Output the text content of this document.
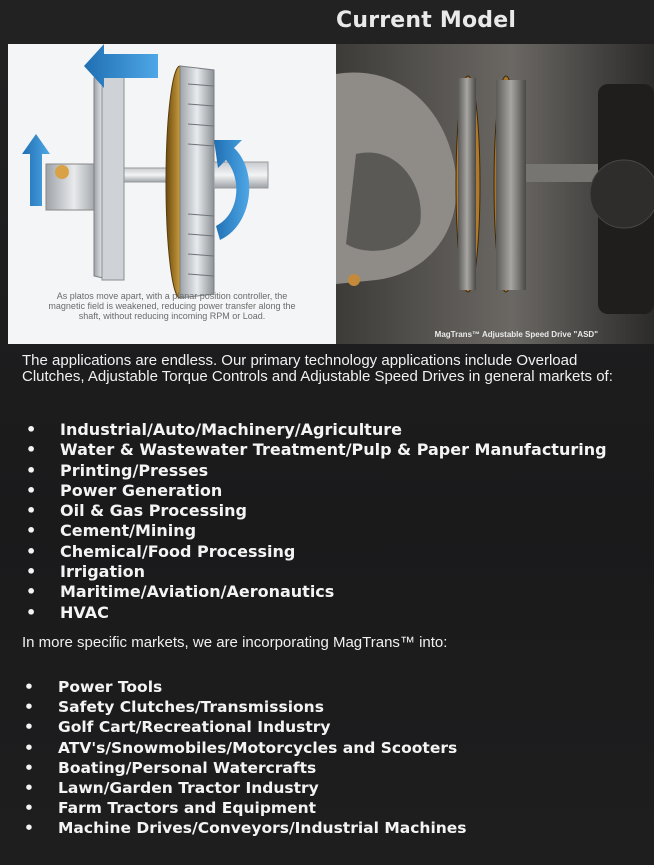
Current Model
As platos move apart, with a planar position controller, the magnetic field is weakened, reducing power transfer along the shaft, without reducing incoming RPM or Load.
MagTrans™ Adjustable Speed Drive "ASD"
The applications are endless. Our primary technology applications include Overload Clutches, Adjustable Torque Controls and Adjustable Speed Drives in general markets of:
• Industrial/Auto/Machinery/Agriculture
• Water & Wastewater Treatment/Pulp & Paper Manufacturing
• Printing/Presses
• Power Generation
• Oil & Gas Processing
• Cement/Mining
• Chemical/Food Processing
• Irrigation
• Maritime/Aviation/Aeronautics
• HVAC
In more specific markets, we are incorporating MagTrans™ into:
• Power Tools
• Safety Clutches/Transmissions
• Golf Cart/Recreational Industry
• ATV's/Snowmobiles/Motorcycles and Scooters
• Boating/Personal Watercrafts
• Lawn/Garden Tractor Industry
• Farm Tractors and Equipment
• Machine Drives/Conveyors/Industrial Machines
